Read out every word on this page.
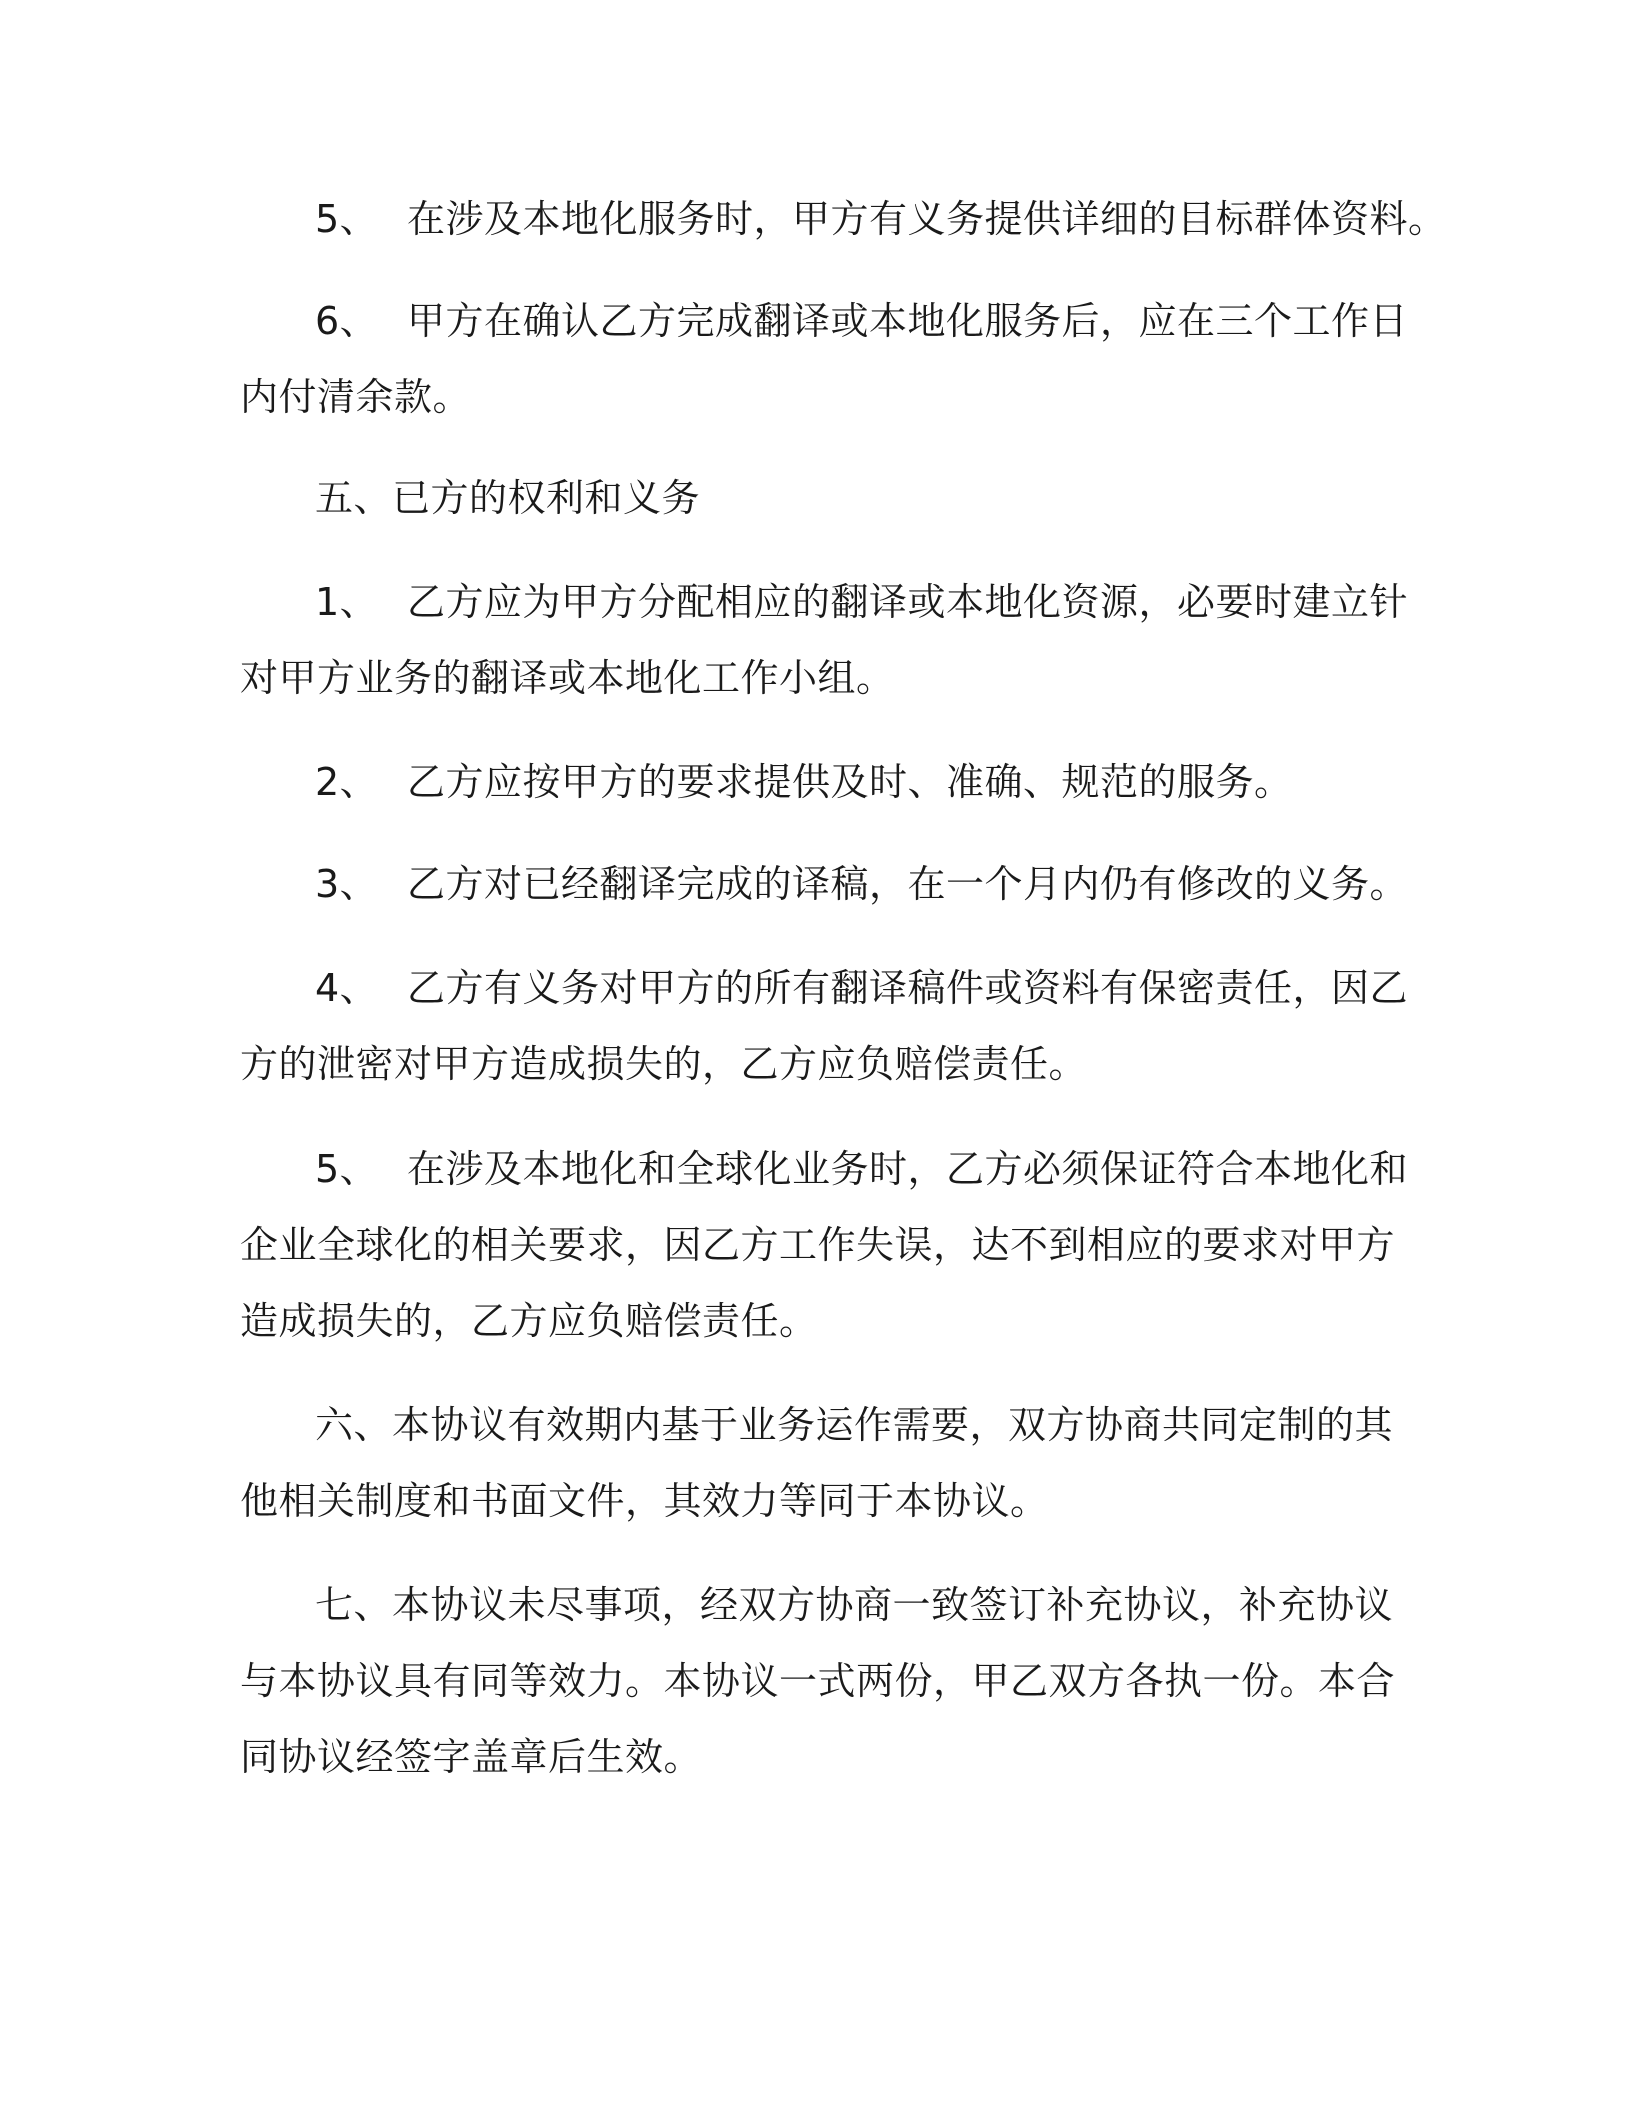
5、 在涉及本地化服务时，甲方有义务提供详细的目标群体资料。
6、 甲方在确认乙方完成翻译或本地化服务后，应在三个工作日
内付清余款。
五、已方的权利和义务
1、 乙方应为甲方分配相应的翻译或本地化资源，必要时建立针
对甲方业务的翻译或本地化工作小组。
2、 乙方应按甲方的要求提供及时、准确、规范的服务。
3、 乙方对已经翻译完成的译稿，在一个月内仍有修改的义务。
4、 乙方有义务对甲方的所有翻译稿件或资料有保密责任，因乙
方的泄密对甲方造成损失的，乙方应负赔偿责任。
5、 在涉及本地化和全球化业务时，乙方必须保证符合本地化和
企业全球化的相关要求，因乙方工作失误，达不到相应的要求对甲方
造成损失的，乙方应负赔偿责任。
六、本协议有效期内基于业务运作需要，双方协商共同定制的其
他相关制度和书面文件，其效力等同于本协议。
七、本协议未尽事项，经双方协商一致签订补充协议，补充协议
与本协议具有同等效力。本协议一式两份，甲乙双方各执一份。本合
同协议经签字盖章后生效。
